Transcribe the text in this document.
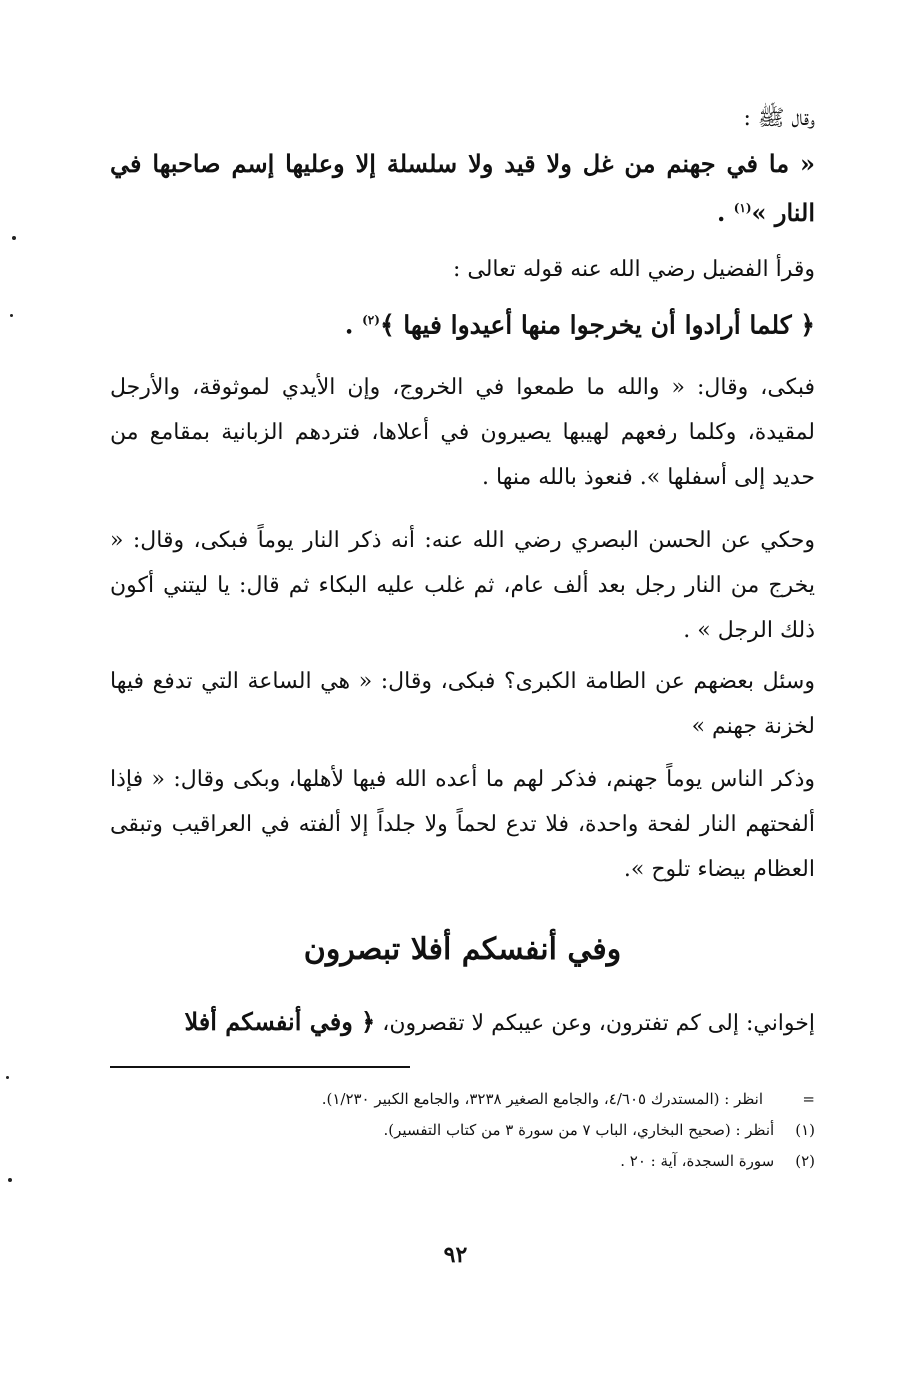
وقال ﷺ :

« ما في جهنم من غل ولا قيد ولا سلسلة إلا وعليها إسم صاحبها في النار »$^{(١)}$ .

وقرأ الفضيل رضي الله عنه قوله تعالى :

﴿ كلما أرادوا أن يخرجوا منها أعيدوا فيها ﴾$^{(٢)}$ .

فبكى، وقال: « والله ما طمعوا في الخروج، وإن الأيدي لموثوقة، والأرجل لمقيدة، وكلما رفعهم لهيبها يصيرون في أعلاها، فتردهم الزبانية بمقامع من حديد إلى أسفلها ». فنعوذ بالله منها .

وحكي عن الحسن البصري رضي الله عنه: أنه ذكر النار يوماً فبكى، وقال: « يخرج من النار رجل بعد ألف عام، ثم غلب عليه البكاء ثم قال: يا ليتني أكون ذلك الرجل » .

وسئل بعضهم عن الطامة الكبرى؟ فبكى، وقال: « هي الساعة التي تدفع فيها لخزنة جهنم »

وذكر الناس يوماً جهنم، فذكر لهم ما أعده الله فيها لأهلها، وبكى وقال: « فإذا ألفحتهم النار لفحة واحدة، فلا تدع لحماً ولا جلداً إلا ألفته في العراقيب وتبقى العظام بيضاء تلوح ».

وفي أنفسكم أفلا تبصرون

إخواني: إلى كم تفترون، وعن عيبكم لا تقصرون، ﴿ وفي أنفسكم أفلا

=انظر : (المستدرك ٤/٦٠٥، والجامع الصغير ٣٢٣٨، والجامع الكبير ١/٢٣٠).

(١) أنظر : (صحيح البخاري، الباب ٧ من سورة ٣ من كتاب التفسير).

(٢) سورة السجدة، آية : ٢٠ .

٩٢
